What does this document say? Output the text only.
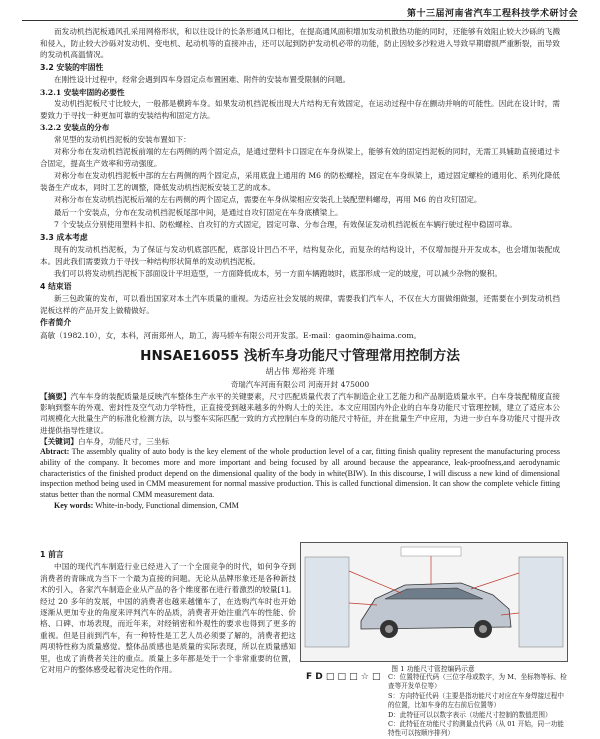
第十三届河南省汽车工程科技学术研讨会

而发动机挡泥板通风孔采用网格形状，和以往设计的长条形通风口相比，在提高通风面积增加发动机散热功能的同时，还能够有效阻止较大沙砾的飞溅和侵入，防止较大沙砾对发动机、变电机、起动机等的直接冲击，还可以起到防护发动机必带的功能，防止因较多沙粒进入导致早期磨损严重断裂，而导致的发动机高温情况。

3.2 安装的牢固性

在刚性设计过程中，经常会遇到四车身固定点布置困难、附件的安装布置受限制的问题。

3.2.1 安装牢固的必要性

发动机挡泥板尺寸比较大，一般都是横跨车身。如果发动机挡泥板出现大片结构无有效固定，在运动过程中存在颤动并响的可能性。因此在设计时，需要致力于寻找一种更加可靠的安装结构和固定方法。

3.2.2 安装点的分布

常见型的发动机挡泥板的安装布置如下：

对称分布在发动机挡泥板前端的左右两侧的两个固定点，是通过塑料卡口固定在车身纵梁上，能够有效的固定挡泥板的同时，无需工具辅助直接通过卡合固定，提高生产效率和劳动强度。

对称分布在发动机挡泥板中部的左右两侧的两个固定点，采用底盘上通用的 M6 的防松螺栓，固定在车身纵梁上，通过固定螺栓的通用化、系列化降低装备生产成本，同时工艺的调整，降低发动机挡泥板安装工艺的成本。

对称分布在发动机挡泥板后端的左右两侧的两个固定点，需要在车身纵梁相应安装孔上装配塑料螺母，再用 M6 的自攻钉固定。

最后一个安装点，分布在发动机挡泥板尾部中间，是通过自攻钉固定在车身底横梁上。

7 个安装点分别使用塑料卡扣、防松螺栓、自攻钉的方式固定，固定可靠、分布合理，有效保证发动机挡泥板在车辆行驶过程中稳固可靠。

3.3 成本考虑

现有的发动机挡泥板，为了保证与发动机底部匹配，底部设计凹凸不平，结构复杂化，而复杂的结构设计，不仅增加提升开发成本，也会增加装配成本。因此我们需要致力于寻找一种结构形状简单的发动机挡泥板。

我们可以将发动机挡泥板下部面设计平坦造型，一方面降低成本，另一方面车辆跑坡时，底部形成一定的坡度，可以减少杂物的聚积。

4 结束语

新三包政策的发布，可以看出国家对本土汽车质量的重视。为适应社会发展的规律，需要我们汽车人，不仅在大方面做细做强，还需要在小到发动机挡泥板这样的产品开发上做精做好。

作者简介

高敏（1982.10），女，本科，河南郑州人，助工，海马轿车有限公司开发部。E-mail：gaomin@haima.com。

HNSAE16055 浅析车身功能尺寸管理常用控制方法
胡占伟 郑裕亮 许瑾
奇瑞汽车河南有限公司 河南开封 475000

【摘要】汽车车身的装配质量是反映汽车整体生产水平的关键要素，尺寸匹配质量代表了汽车制造企业工艺能力和产品制造质量水平。白车身装配精度直接影响到整车的外观、密封性及空气动力学特性，正直接受到越来越多的外购人士的关注。本文应用国内外企业的白车身功能尺寸管理控制，建立了适应本公司规模化大批量生产的标准化检测方法，以与整车实际匹配一致的方式控制白车身的功能尺寸特征，并在批量生产中应用，为进一步白车身功能尺寸提升改进提供指导性建议。

【关键词】白车身，功能尺寸，三坐标

Abtract: The assembly quality of auto body is the key element of the whole production level of a car, fitting finish quality represent the manufacturing process ability of the company. It becomes more and more important and being focused by all around because the appearance, leak-proofness,and aerodynamic characteristics of the finished product depend on the dimensional quality of the body in white(BIW). In this discourse, I will discuss a new kind of dimensional inspection method being used in CMM measurement for normal massive production. This is called functional dimension. It can show the complete vehicle fitting status better than the normal CMM measurement data.

Key words: White-in-body, Functional dimension, CMM

1 前言

中国的现代汽车制造行业已经进入了一个全面竞争的时代，如何争夺到消费者的青睐成为当下一个最为直接的问题。无论从品牌形象还是各种新技术的引入，各家汽车制造企业从产品的各个维度都在进行着激烈的较量[1]。经过 20 多年的发展，中国的消费者也越来越懂车了，在选购汽车时也开始逐渐从更加专业的角度来评判汽车的品质，消费者开始注重汽车的性能、价格、口碑、市场表现，而近年来，对经销密和外观性的要求也得到了更多的重视。但是目前到汽车，有一种特性是工艺人员必须要了解的，消费者把这两项特性称为质量感觉。整体品质感也是质量的实际表现，所以在质量感知里，也成了消费者关注的重点。质量上多年都是处于一个非常重要的位置，它对用户的整体感受起着决定性的作用。	图 1 功能尺寸管控编码示意
F D □ □ □ ☆ □ C：位置特征代码（三位字母或数字，为 M、坐标物等标、检查等开发单位等）
S：方向特征代码（主要是指功能尺寸对应在车身焊接过程中的位置，比如车身的左右前后位置等）
D：此特征可以以数字表示（功能尺寸控制的数值范围）
C：此特征在功能尺寸的测量点代码（从 01 开始，同一功能特性可以按顺序排列）
